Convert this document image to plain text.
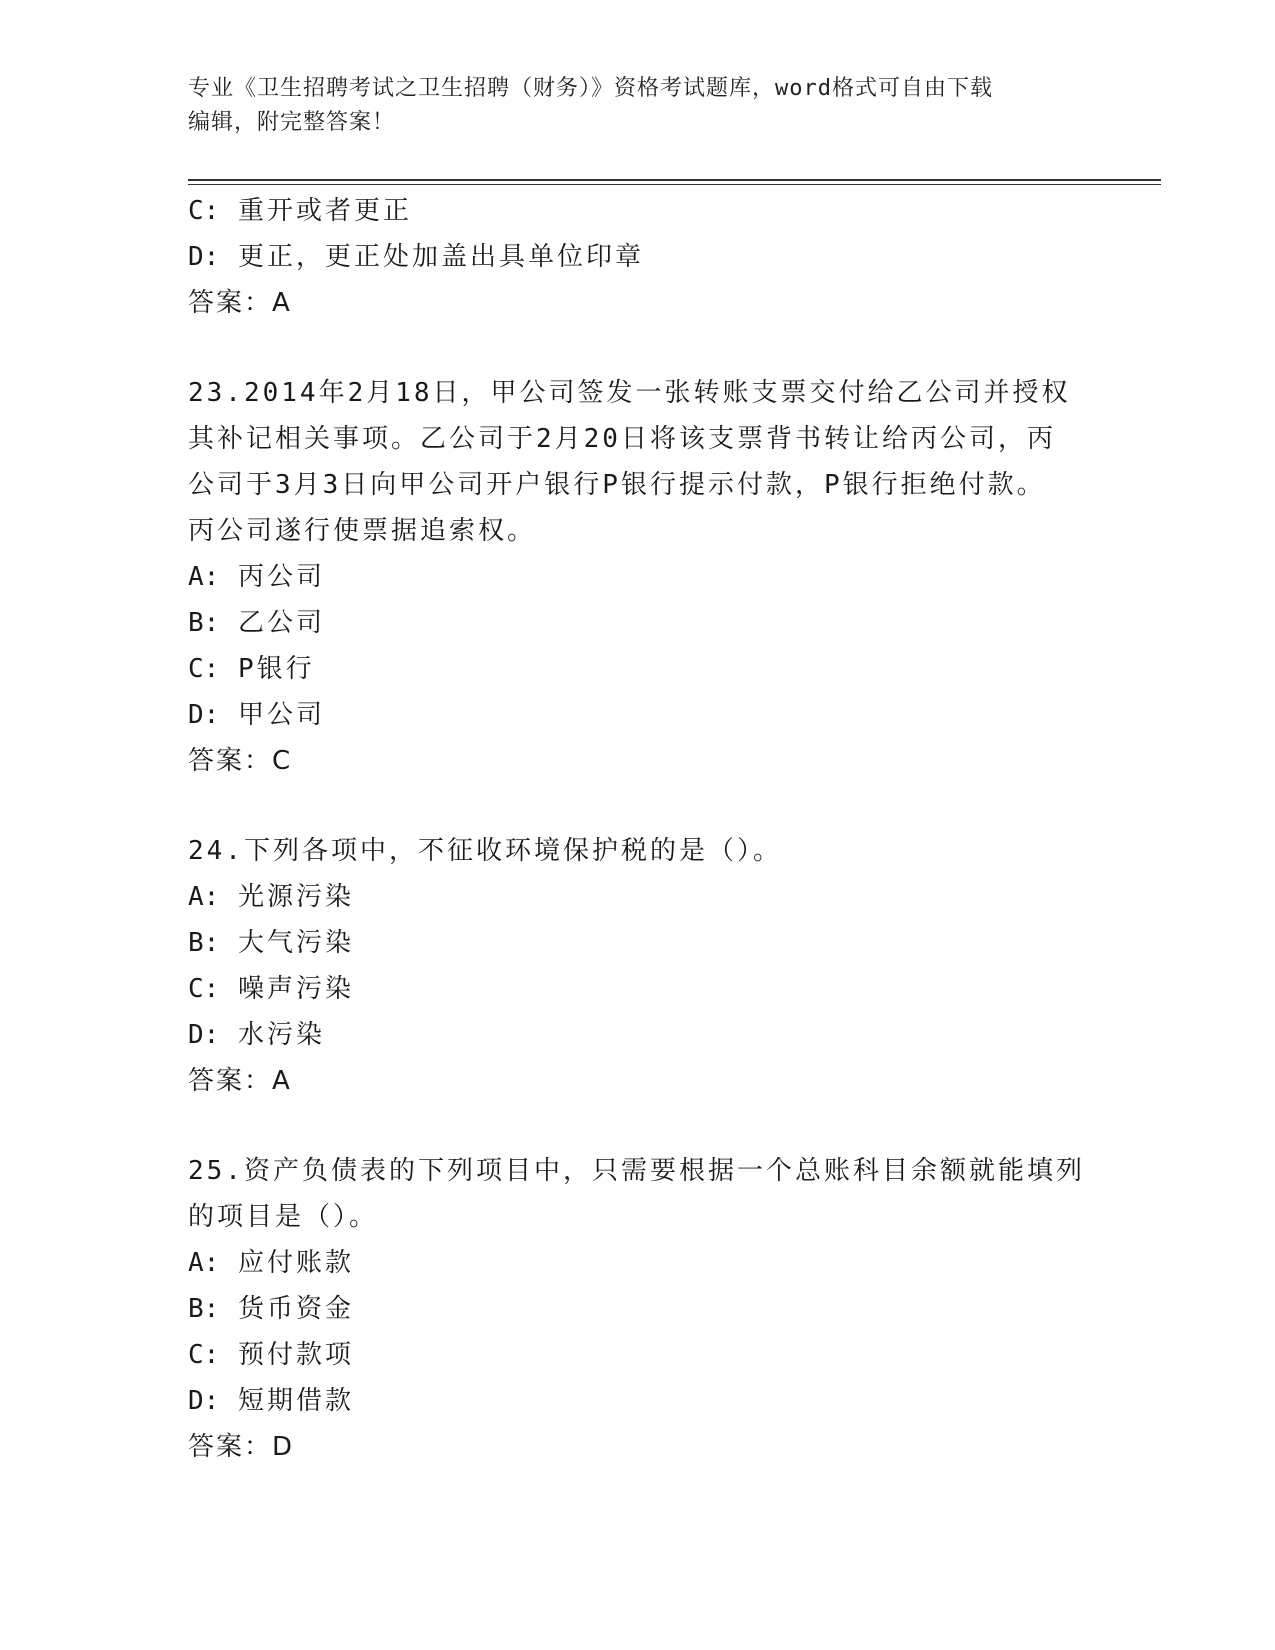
专业《卫生招聘考试之卫生招聘（财务）》资格考试题库，word格式可自由下载
编辑，附完整答案！
C: 重开或者更正
D: 更正，更正处加盖出具单位印章
答案：A
23.2014年2月18日，甲公司签发一张转账支票交付给乙公司并授权
其补记相关事项。乙公司于2月20日将该支票背书转让给丙公司，丙
公司于3月3日向甲公司开户银行P银行提示付款，P银行拒绝付款。
丙公司遂行使票据追索权。
A: 丙公司
B: 乙公司
C: P银行
D: 甲公司
答案：C
24.下列各项中，不征收环境保护税的是（）。
A: 光源污染
B: 大气污染
C: 噪声污染
D: 水污染
答案：A
25.资产负债表的下列项目中，只需要根据一个总账科目余额就能填列
的项目是（）。
A: 应付账款
B: 货币资金
C: 预付款项
D: 短期借款
答案：D
